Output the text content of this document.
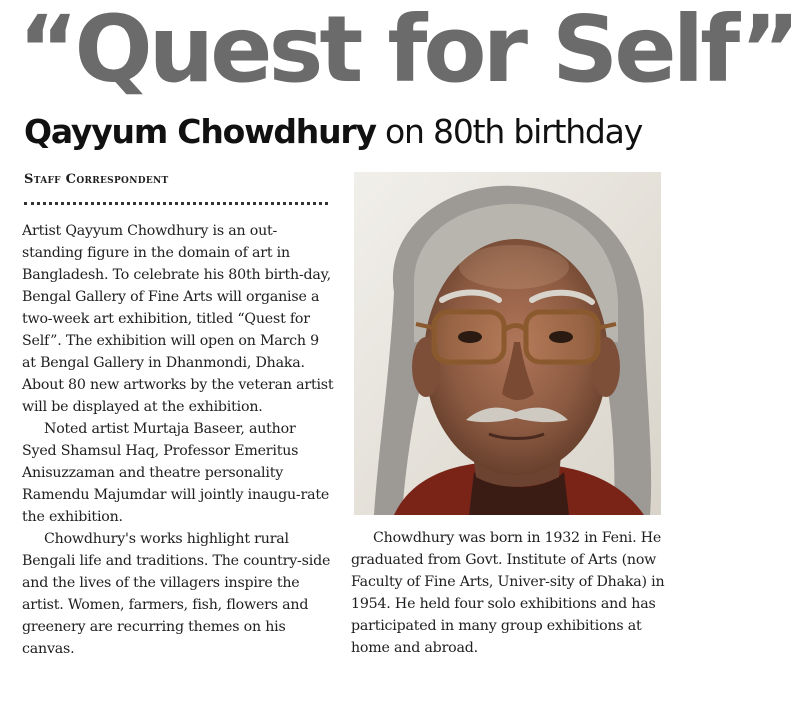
“Quest for Self”
Qayyum Chowdhury on 80th birthday
Staff Correspondent

Artist Qayyum Chowdhury is an out-standing figure in the domain of art in Bangladesh. To celebrate his 80th birth-day, Bengal Gallery of Fine Arts will organise a two-week art exhibition, titled “Quest for Self”. The exhibition will open on March 9 at Bengal Gallery in Dhanmondi, Dhaka. About 80 new artworks by the veteran artist will be displayed at the exhibition.

Noted artist Murtaja Baseer, author Syed Shamsul Haq, Professor Emeritus Anisuzzaman and theatre personality Ramendu Majumdar will jointly inaugu-rate the exhibition.

Chowdhury's works highlight rural Bengali life and traditions. The country-side and the lives of the villagers inspire the artist. Women, farmers, fish, flowers and greenery are recurring themes on his canvas.

Chowdhury was born in 1932 in Feni. He graduated from Govt. Institute of Arts (now Faculty of Fine Arts, Univer-sity of Dhaka) in 1954. He held four solo exhibitions and has participated in many group exhibitions at home and abroad.
